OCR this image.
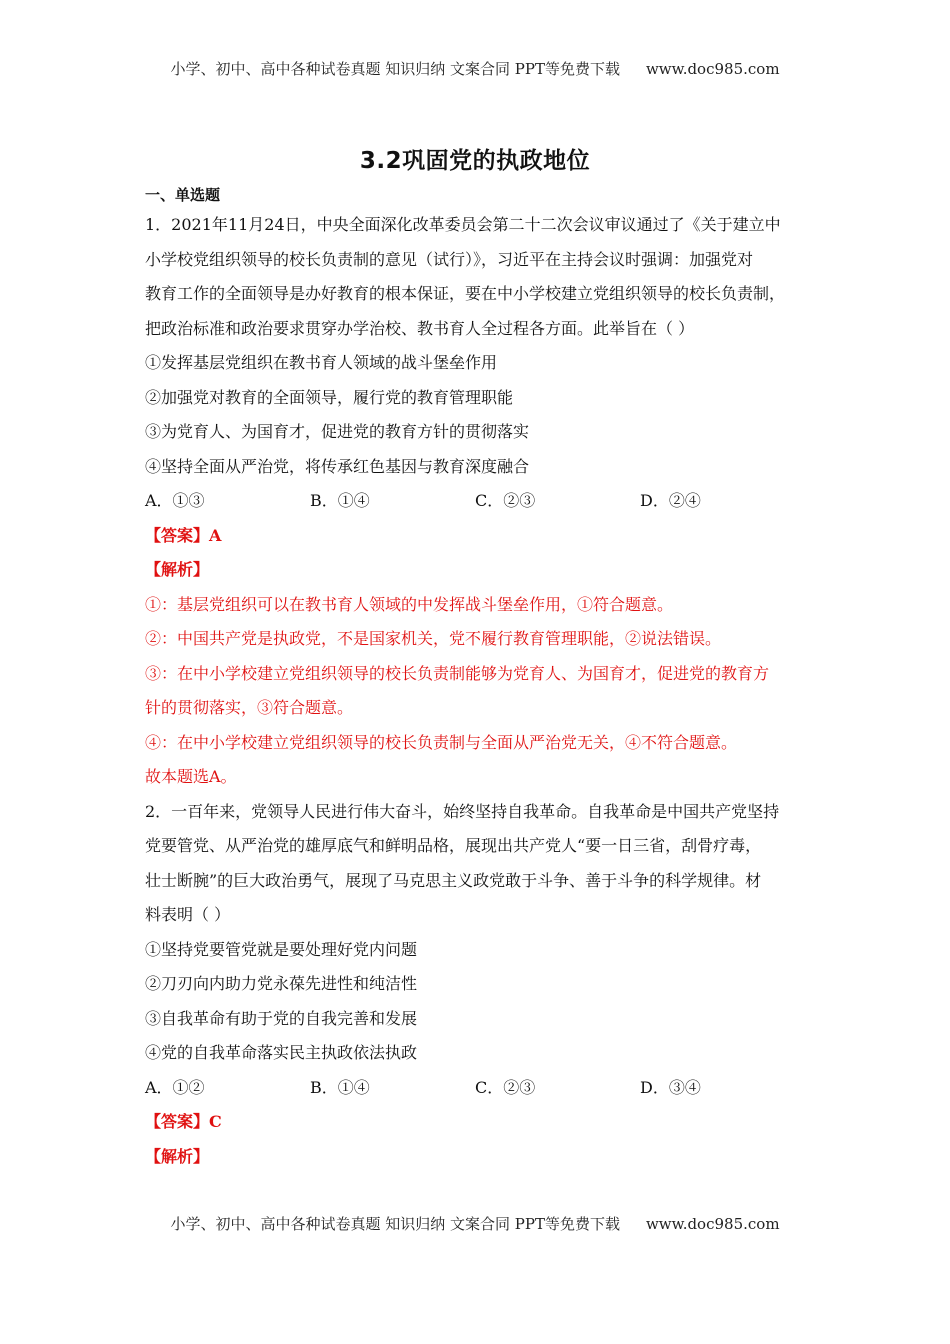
小学、初中、高中各种试卷真题 知识归纳 文案合同 PPT等免费下载 www.doc985.com
3.2巩固党的执政地位
一、单选题
1．2021年11月24日，中央全面深化改革委员会第二十二次会议审议通过了《关于建立中
小学校党组织领导的校长负责制的意见（试行）》，习近平在主持会议时强调：加强党对
教育工作的全面领导是办好教育的根本保证，要在中小学校建立党组织领导的校长负责制，
把政治标准和政治要求贯穿办学治校、教书育人全过程各方面。此举旨在（ ）
①发挥基层党组织在教书育人领域的战斗堡垒作用
②加强党对教育的全面领导，履行党的教育管理职能
③为党育人、为国育才，促进党的教育方针的贯彻落实
④坚持全面从严治党，将传承红色基因与教育深度融合
A．①③	B．①④	C．②③	D．②④
【答案】A
【解析】
①：基层党组织可以在教书育人领域的中发挥战斗堡垒作用，①符合题意。
②：中国共产党是执政党，不是国家机关，党不履行教育管理职能，②说法错误。
③：在中小学校建立党组织领导的校长负责制能够为党育人、为国育才，促进党的教育方
针的贯彻落实，③符合题意。
④：在中小学校建立党组织领导的校长负责制与全面从严治党无关，④不符合题意。
故本题选A。
2．一百年来，党领导人民进行伟大奋斗，始终坚持自我革命。自我革命是中国共产党坚持
党要管党、从严治党的雄厚底气和鲜明品格，展现出共产党人“要一日三省，刮骨疗毒，
壮士断腕”的巨大政治勇气，展现了马克思主义政党敢于斗争、善于斗争的科学规律。材
料表明（ ）
①坚持党要管党就是要处理好党内问题
②刀刃向内助力党永葆先进性和纯洁性
③自我革命有助于党的自我完善和发展
④党的自我革命落实民主执政依法执政
A．①②	B．①④	C．②③	D．③④
【答案】C
【解析】
小学、初中、高中各种试卷真题 知识归纳 文案合同 PPT等免费下载 www.doc985.com
